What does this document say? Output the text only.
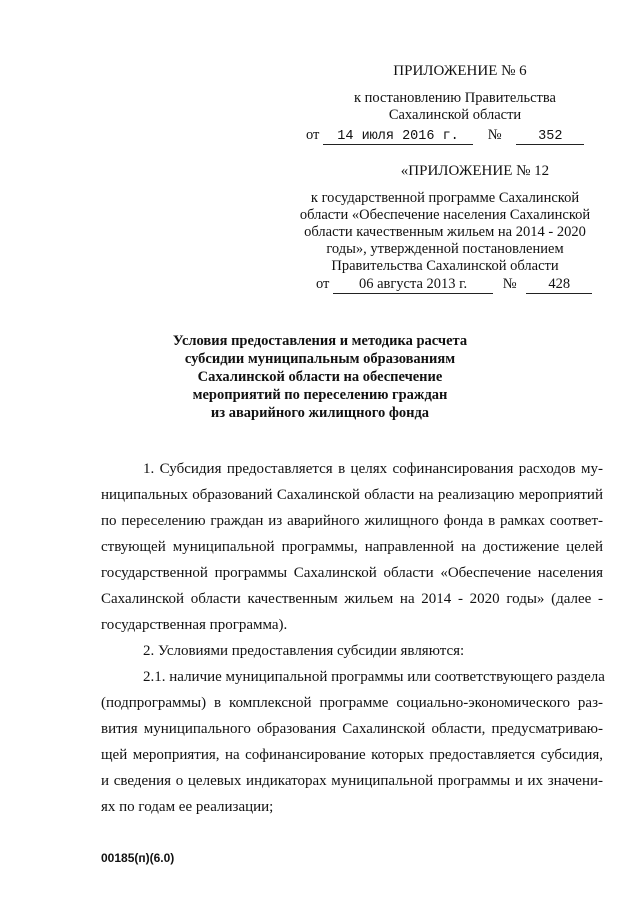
ПРИЛОЖЕНИЕ № 6
к постановлению Правительства
Сахалинской области
от 14 июля 2016 г. №	352
«ПРИЛОЖЕНИЕ № 12
к государственной программе Сахалинской
области «Обеспечение населения Сахалинской
области качественным жильем на 2014 - 2020
годы», утвержденной постановлением
Правительства Сахалинской области
от 06 августа 2013 г. № 428
Условия предоставления и методика расчета
субсидии муниципальным образованиям
Сахалинской области на обеспечение
мероприятий по переселению граждан
из аварийного жилищного фонда
1. Субсидия предоставляется в целях софинансирования расходов му-
ниципальных образований Сахалинской области на реализацию мероприятий
по переселению граждан из аварийного жилищного фонда в рамках соответ-
ствующей муниципальной программы, направленной на достижение целей
государственной программы Сахалинской области «Обеспечение населения
Сахалинской области качественным жильем на 2014 - 2020 годы» (далее -
государственная программа).
2. Условиями предоставления субсидии являются:
2.1. наличие муниципальной программы или соответствующего раздела
(подпрограммы) в комплексной программе социально-экономического раз-
вития муниципального образования Сахалинской области, предусматриваю-
щей мероприятия, на софинансирование которых предоставляется субсидия,
и сведения о целевых индикаторах муниципальной программы и их значени-
ях по годам ее реализации;
00185(п)(6.0)
